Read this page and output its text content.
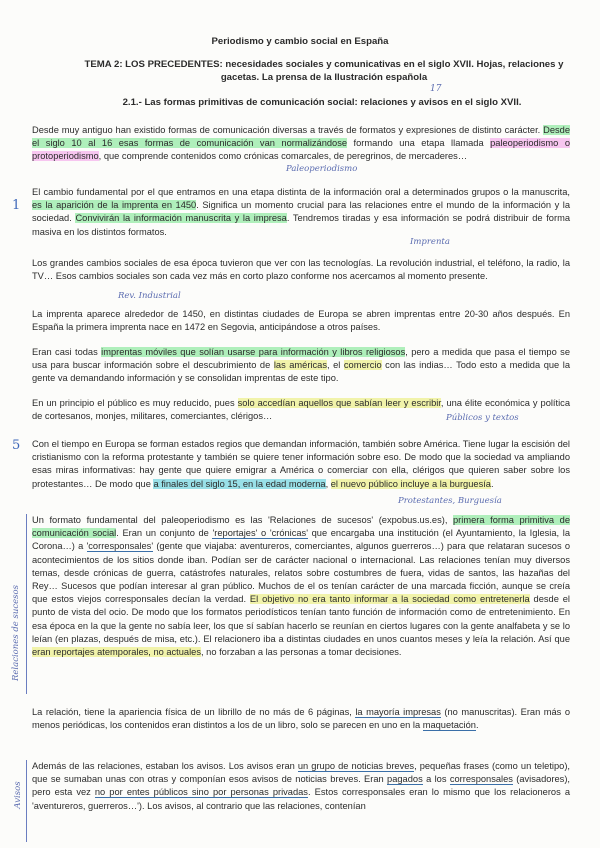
Periodismo y cambio social en España
TEMA 2: LOS PRECEDENTES: necesidades sociales y comunicativas en el siglo XVII. Hojas, relaciones y gacetas. La prensa de la Ilustración española
2.1.- Las formas primitivas de comunicación social: relaciones y avisos en el siglo XVII.
17

Desde muy antiguo han existido formas de comunicación diversas a través de formatos y expresiones de distinto carácter. Desde el siglo 10 al 16 esas formas de comunicación van normalizándose formando una etapa llamada paleoperiodismo o protoperiodismo, que comprende contenidos como crónicas comarcales, de peregrinos, de mercaderes…

Paleoperiodismo

El cambio fundamental por el que entramos en una etapa distinta de la información oral a determinados grupos o la manuscrita, es la aparición de la imprenta en 1450. Significa un momento crucial para las relaciones entre el mundo de la información y la sociedad. Convivirán la información manuscrita y la impresa. Tendremos tiradas y esa información se podrá distribuir de forma masiva en los distintos formatos.

1
Imprenta

Los grandes cambios sociales de esa época tuvieron que ver con las tecnologías. La revolución industrial, el teléfono, la radio, la TV… Esos cambios sociales son cada vez más en corto plazo conforme nos acercamos al momento presente.

Rev. Industrial

La imprenta aparece alrededor de 1450, en distintas ciudades de Europa se abren imprentas entre 20-30 años después. En España la primera imprenta nace en 1472 en Segovia, anticipándose a otros países.

Eran casi todas imprentas móviles que solían usarse para información y libros religiosos, pero a medida que pasa el tiempo se usa para buscar información sobre el descubrimiento de las américas, el comercio con las indias… Todo esto a medida que la gente va demandando información y se consolidan imprentas de este tipo.

En un principio el público es muy reducido, pues solo accedían aquellos que sabían leer y escribir, una élite económica y política de cortesanos, monjes, militares, comerciantes, clérigos…	Públicos y textos

Con el tiempo en Europa se forman estados regios que demandan información, también sobre América. Tiene lugar la escisión del cristianismo con la reforma protestante y también se quiere tener información sobre eso. De modo que la sociedad va ampliando esas miras informativas: hay gente que quiere emigrar a América o comerciar con ella, clérigos que quieren saber sobre los protestantes… De modo que a finales del siglo 15, en la edad moderna, el nuevo público incluye a la burguesía.

5
Protestantes, Burguesía

Un formato fundamental del paleoperiodismo es las 'Relaciones de sucesos' (expobus.us.es), primera forma primitiva de comunicación social. Eran un conjunto de 'reportajes' o 'crónicas' que encargaba una institución (el Ayuntamiento, la Iglesia, la Corona…) a 'corresponsales' (gente que viajaba: aventureros, comerciantes, algunos guerreros…) para que relataran sucesos o acontecimientos de los sitios donde iban. Podían ser de carácter nacional o internacional. Las relaciones tenían muy diversos temas, desde crónicas de guerra, catástrofes naturales, relatos sobre costumbres de fuera, vidas de santos, las hazañas del Rey… Sucesos que podían interesar al gran público. Muchos de el os tenían carácter de una marcada ficción, aunque se creía que estos viejos corresponsales decían la verdad. El objetivo no era tanto informar a la sociedad como entretenerla desde el punto de vista del ocio. De modo que los formatos periodísticos tenían tanto función de información como de entretenimiento. En esa época en la que la gente no sabía leer, los que sí sabían hacerlo se reunían en ciertos lugares con la gente analfabeta y se lo leían (en plazas, después de misa, etc.). El relacionero iba a distintas ciudades en unos cuantos meses y leía la relación. Así que eran reportajes atemporales, no actuales, no forzaban a las personas a tomar decisiones.

Relaciones de sucesos

La relación, tiene la apariencia física de un librillo de no más de 6 páginas, la mayoría impresas (no manuscritas). Eran más o menos periódicas, los contenidos eran distintos a los de un libro, solo se parecen en uno en la maquetación.

Además de las relaciones, estaban los avisos. Los avisos eran un grupo de noticias breves, pequeñas frases (como un teletipo), que se sumaban unas con otras y componían esos avisos de noticias breves. Eran pagados a los corresponsales (avisadores), pero esta vez no por entes públicos sino por personas privadas. Estos corresponsales eran lo mismo que los relacioneros a 'aventureros, guerreros…'). Los avisos, al contrario que las relaciones, contenían

Avisos
